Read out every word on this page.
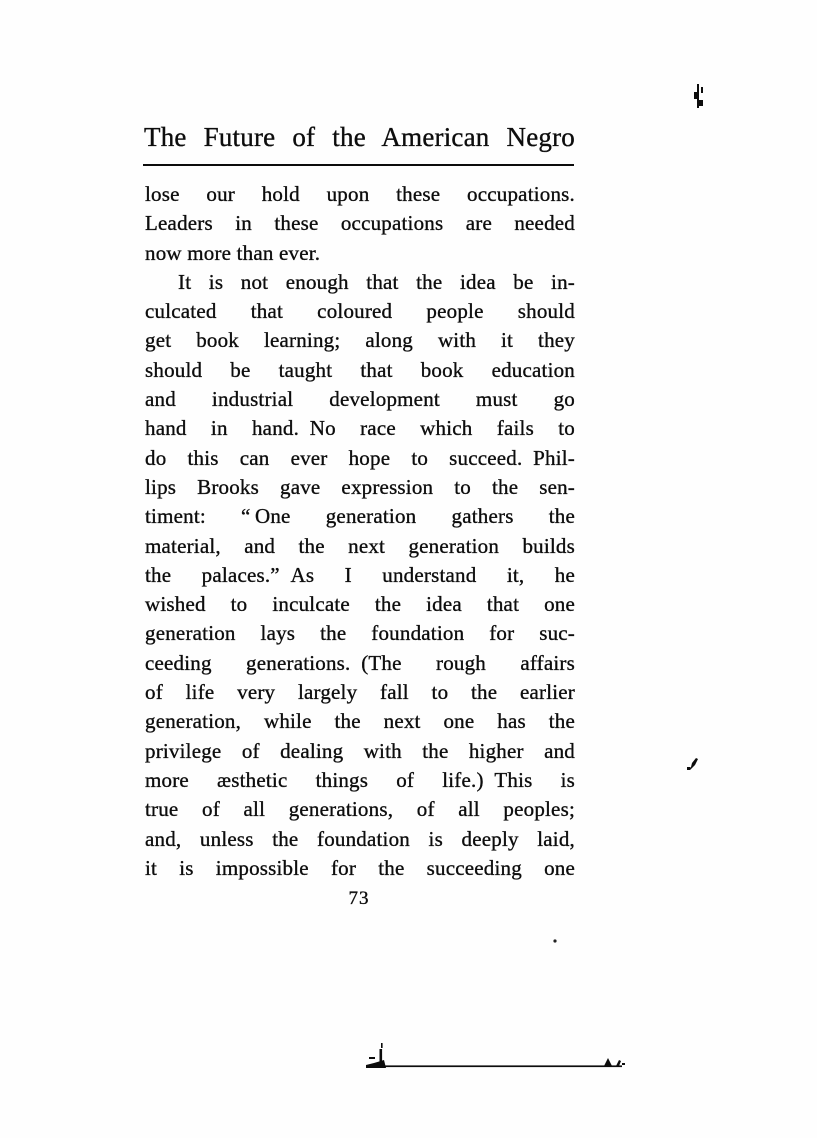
The Future of the American Negro
lose our hold upon these occupations.
Leaders in these occupations are needed
now more than ever.
It is not enough that the idea be in-
culcated that coloured people should
get book learning; along with it they
should be taught that book education
and industrial development must go
hand in hand. No race which fails to
do this can ever hope to succeed. Phil-
lips Brooks gave expression to the sen-
timent: “ One generation gathers the
material, and the next generation builds
the palaces.” As I understand it, he
wished to inculcate the idea that one
generation lays the foundation for suc-
ceeding generations. (The rough affairs
of life very largely fall to the earlier
generation, while the next one has the
privilege of dealing with the higher and
more æsthetic things of life.) This is
true of all generations, of all peoples;
and, unless the foundation is deeply laid,
it is impossible for the succeeding one
73
